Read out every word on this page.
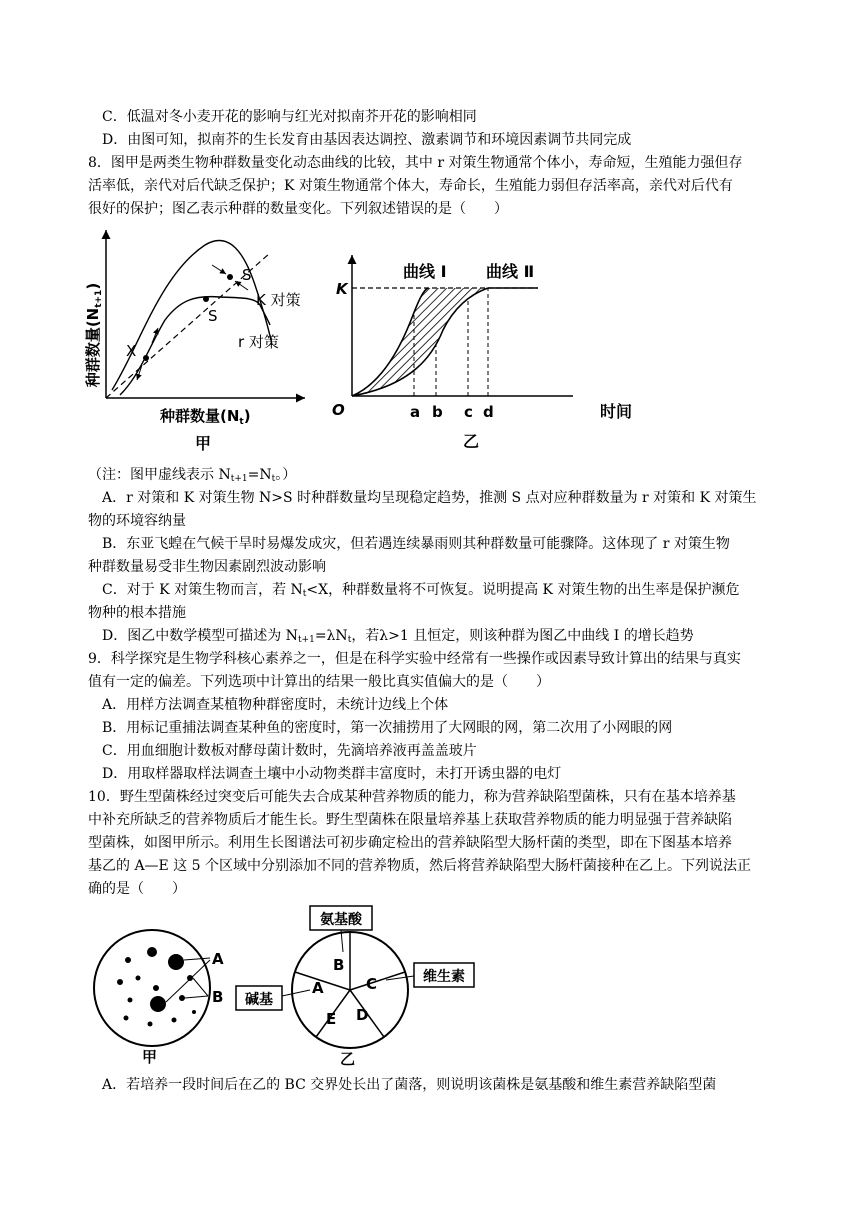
C．低温对冬小麦开花的影响与红光对拟南芥开花的影响相同
D．由图可知，拟南芥的生长发育由基因表达调控、激素调节和环境因素调节共同完成
8．图甲是两类生物种群数量变化动态曲线的比较，其中 r 对策生物通常个体小，寿命短，生殖能力强但存
活率低，亲代对后代缺乏保护；K 对策生物通常个体大，寿命长，生殖能力弱但存活率高，亲代对后代有
很好的保护；图乙表示种群的数量变化。下列叙述错误的是（　　）
S
S
X
K 对策
r 对策
种群数量$(N_{t+1})$
种群数量$(N_t)$
甲
曲线 Ⅰ 曲线 Ⅱ
K
O	a b c d	时间
乙
（注：图甲虚线表示 $N_{t+1}=N_t$。）
A．r 对策和 K 对策生物 N>S 时种群数量均呈现稳定趋势，推测 S 点对应种群数量为 r 对策和 K 对策生
物的环境容纳量
B．东亚飞蝗在气候干旱时易爆发成灾，但若遇连续暴雨则其种群数量可能骤降。这体现了 r 对策生物
种群数量易受非生物因素剧烈波动影响
C．对于 K 对策生物而言，若 $N_t<X$，种群数量将不可恢复。说明提高 K 对策生物的出生率是保护濒危
物种的根本措施
D．图乙中数学模型可描述为 $N_{t+1}=\lambda N_t$，若λ>1 且恒定，则该种群为图乙中曲线 I 的增长趋势
9．科学探究是生物学科核心素养之一，但是在科学实验中经常有一些操作或因素导致计算出的结果与真实
值有一定的偏差。下列选项中计算出的结果一般比真实值偏大的是（　　）
A．用样方法调查某植物种群密度时，未统计边线上个体
B．用标记重捕法调查某种鱼的密度时，第一次捕捞用了大网眼的网，第二次用了小网眼的网
C．用血细胞计数板对酵母菌计数时，先滴培养液再盖盖玻片
D．用取样器取样法调查土壤中小动物类群丰富度时，未打开诱虫器的电灯
10．野生型菌株经过突变后可能失去合成某种营养物质的能力，称为营养缺陷型菌株，只有在基本培养基
中补充所缺乏的营养物质后才能生长。野生型菌株在限量培养基上获取营养物质的能力明显强于营养缺陷
型菌株，如图甲所示。利用生长图谱法可初步确定检出的营养缺陷型大肠杆菌的类型，即在下图基本培养
基乙的 A—E 这 5 个区域中分别添加不同的营养物质，然后将营养缺陷型大肠杆菌接种在乙上。下列说法正
确的是（　　）
A
B
甲
B
C
D
E
A
氨基酸
维生素
碱基
乙
A．若培养一段时间后在乙的 BC 交界处长出了菌落，则说明该菌株是氨基酸和维生素营养缺陷型菌
